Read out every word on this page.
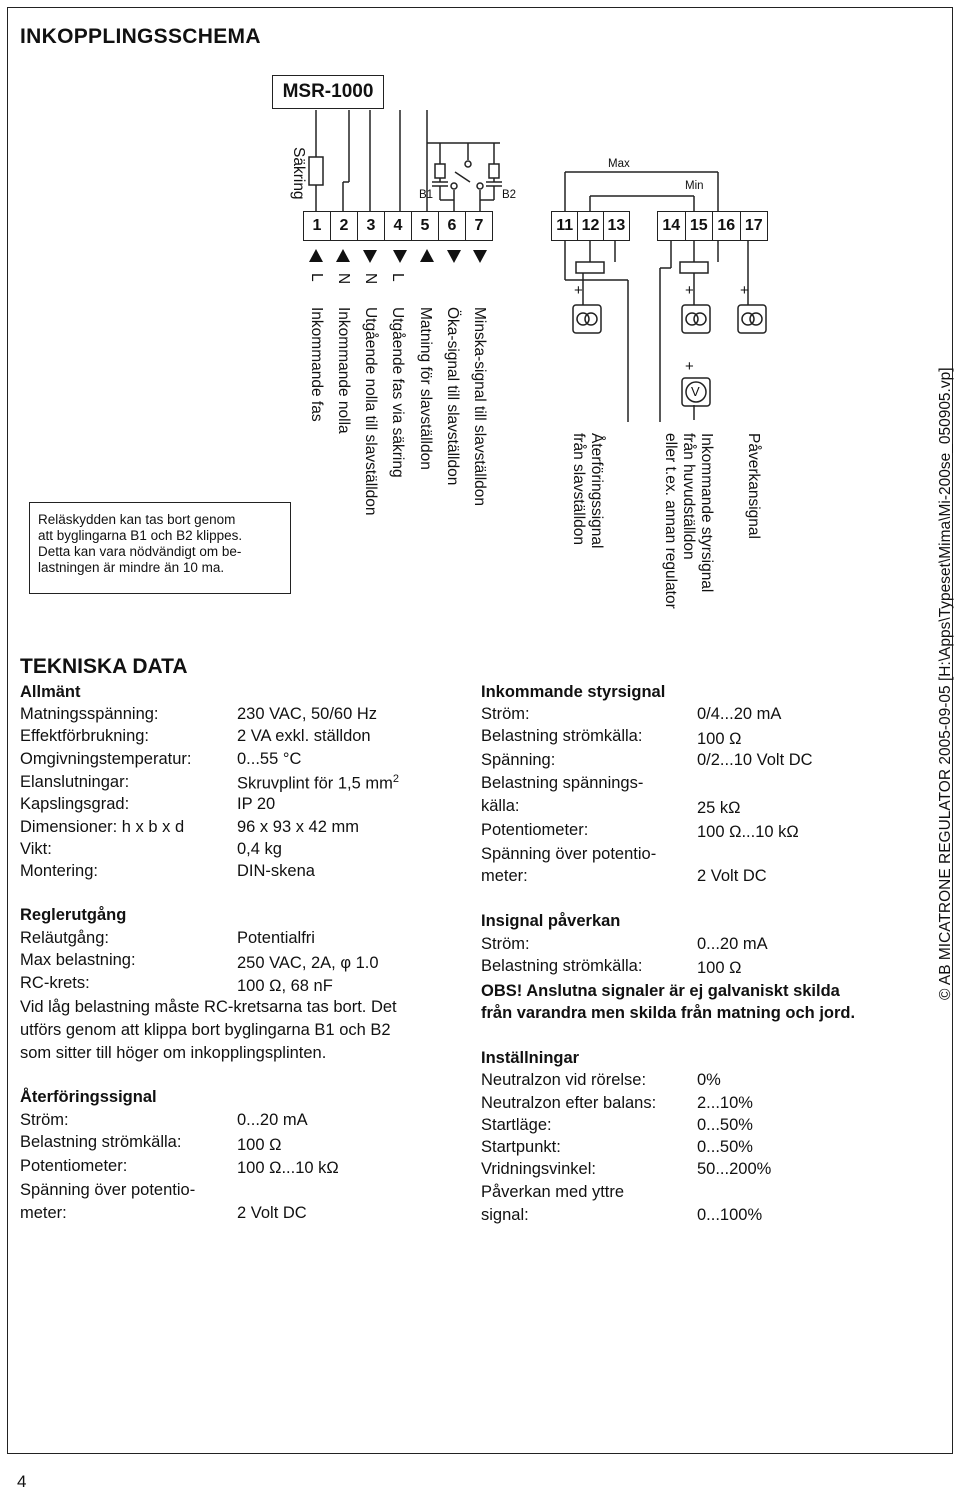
INKOPPLINGSSCHEMA
MSR-1000
Säkring	B1	B2
Max
Min
1	2	3	4	5	6	7	11 12 13 14 15 16 17
L N N L
Inkommande fas Inkommande nolla Utgående nolla till slavställdon Utgående fas via säkring Matning för slavställdon Öka-signal till slavställdon Minska-signal till slavställdon
+	+	+
+
V
Återföringssignal
från slavställdon	Inkommande styrsignal
från huvudställdon
eller t.ex. annan regulator	Påverkansignal
Reläskydden kan tas bort genom
att byglingarna B1 och B2 klippes.
Detta kan vara nödvändigt om be-
lastningen är mindre än 10 ma.
TEKNISKA DATA
Allmänt
Matningsspänning:	230 VAC, 50/60 Hz
Effektförbrukning:	2 VA exkl. ställdon
Omgivningstemperatur:	0...55 °C
Elanslutningar:	Skruvplint för 1,5 $mm^2$
Kapslingsgrad:	IP 20
Dimensioner: h x b x d	96 x 93 x 42 mm
Vikt:	0,4 kg
Montering:	DIN-skena
Reglerutgång
Reläutgång:	Potentialfri
Max belastning:	250 VAC, 2A, φ 1.0
RC-krets:	100 Ω, 68 nF
Vid låg belastning måste RC-kretsarna tas bort. Det
utförs genom att klippa bort byglingarna B1 och B2
som sitter till höger om inkopplingsplinten.
Återföringssignal
Ström:	0...20 mA
Belastning strömkälla:	100 Ω
Potentiometer:	100 Ω...10 kΩ
Spänning över potentio-
meter:	2 Volt DC
Inkommande styrsignal
Ström:	0/4...20 mA
Belastning strömkälla:	100 Ω
Spänning:	0/2...10 Volt DC
Belastning spännings-
källa:	25 kΩ
Potentiometer:	100 Ω...10 kΩ
Spänning över potentio-
meter:	2 Volt DC
Insignal påverkan
Ström:	0...20 mA
Belastning strömkälla:	100 Ω
OBS! Anslutna signaler är ej galvaniskt skilda
från varandra men skilda från matning och jord.
Inställningar
Neutralzon vid rörelse:	0%
Neutralzon efter balans: 2...10%
Startläge:	0...50%
Startpunkt:	0...50%
Vridningsvinkel:	50...200%
Påverkan med yttre
signal:	0...100%
© AB MICATRONE REGULATOR 2005-09-05 [H:\Apps\Typeset\Mima\Mi-200se_050905.vp]
4
